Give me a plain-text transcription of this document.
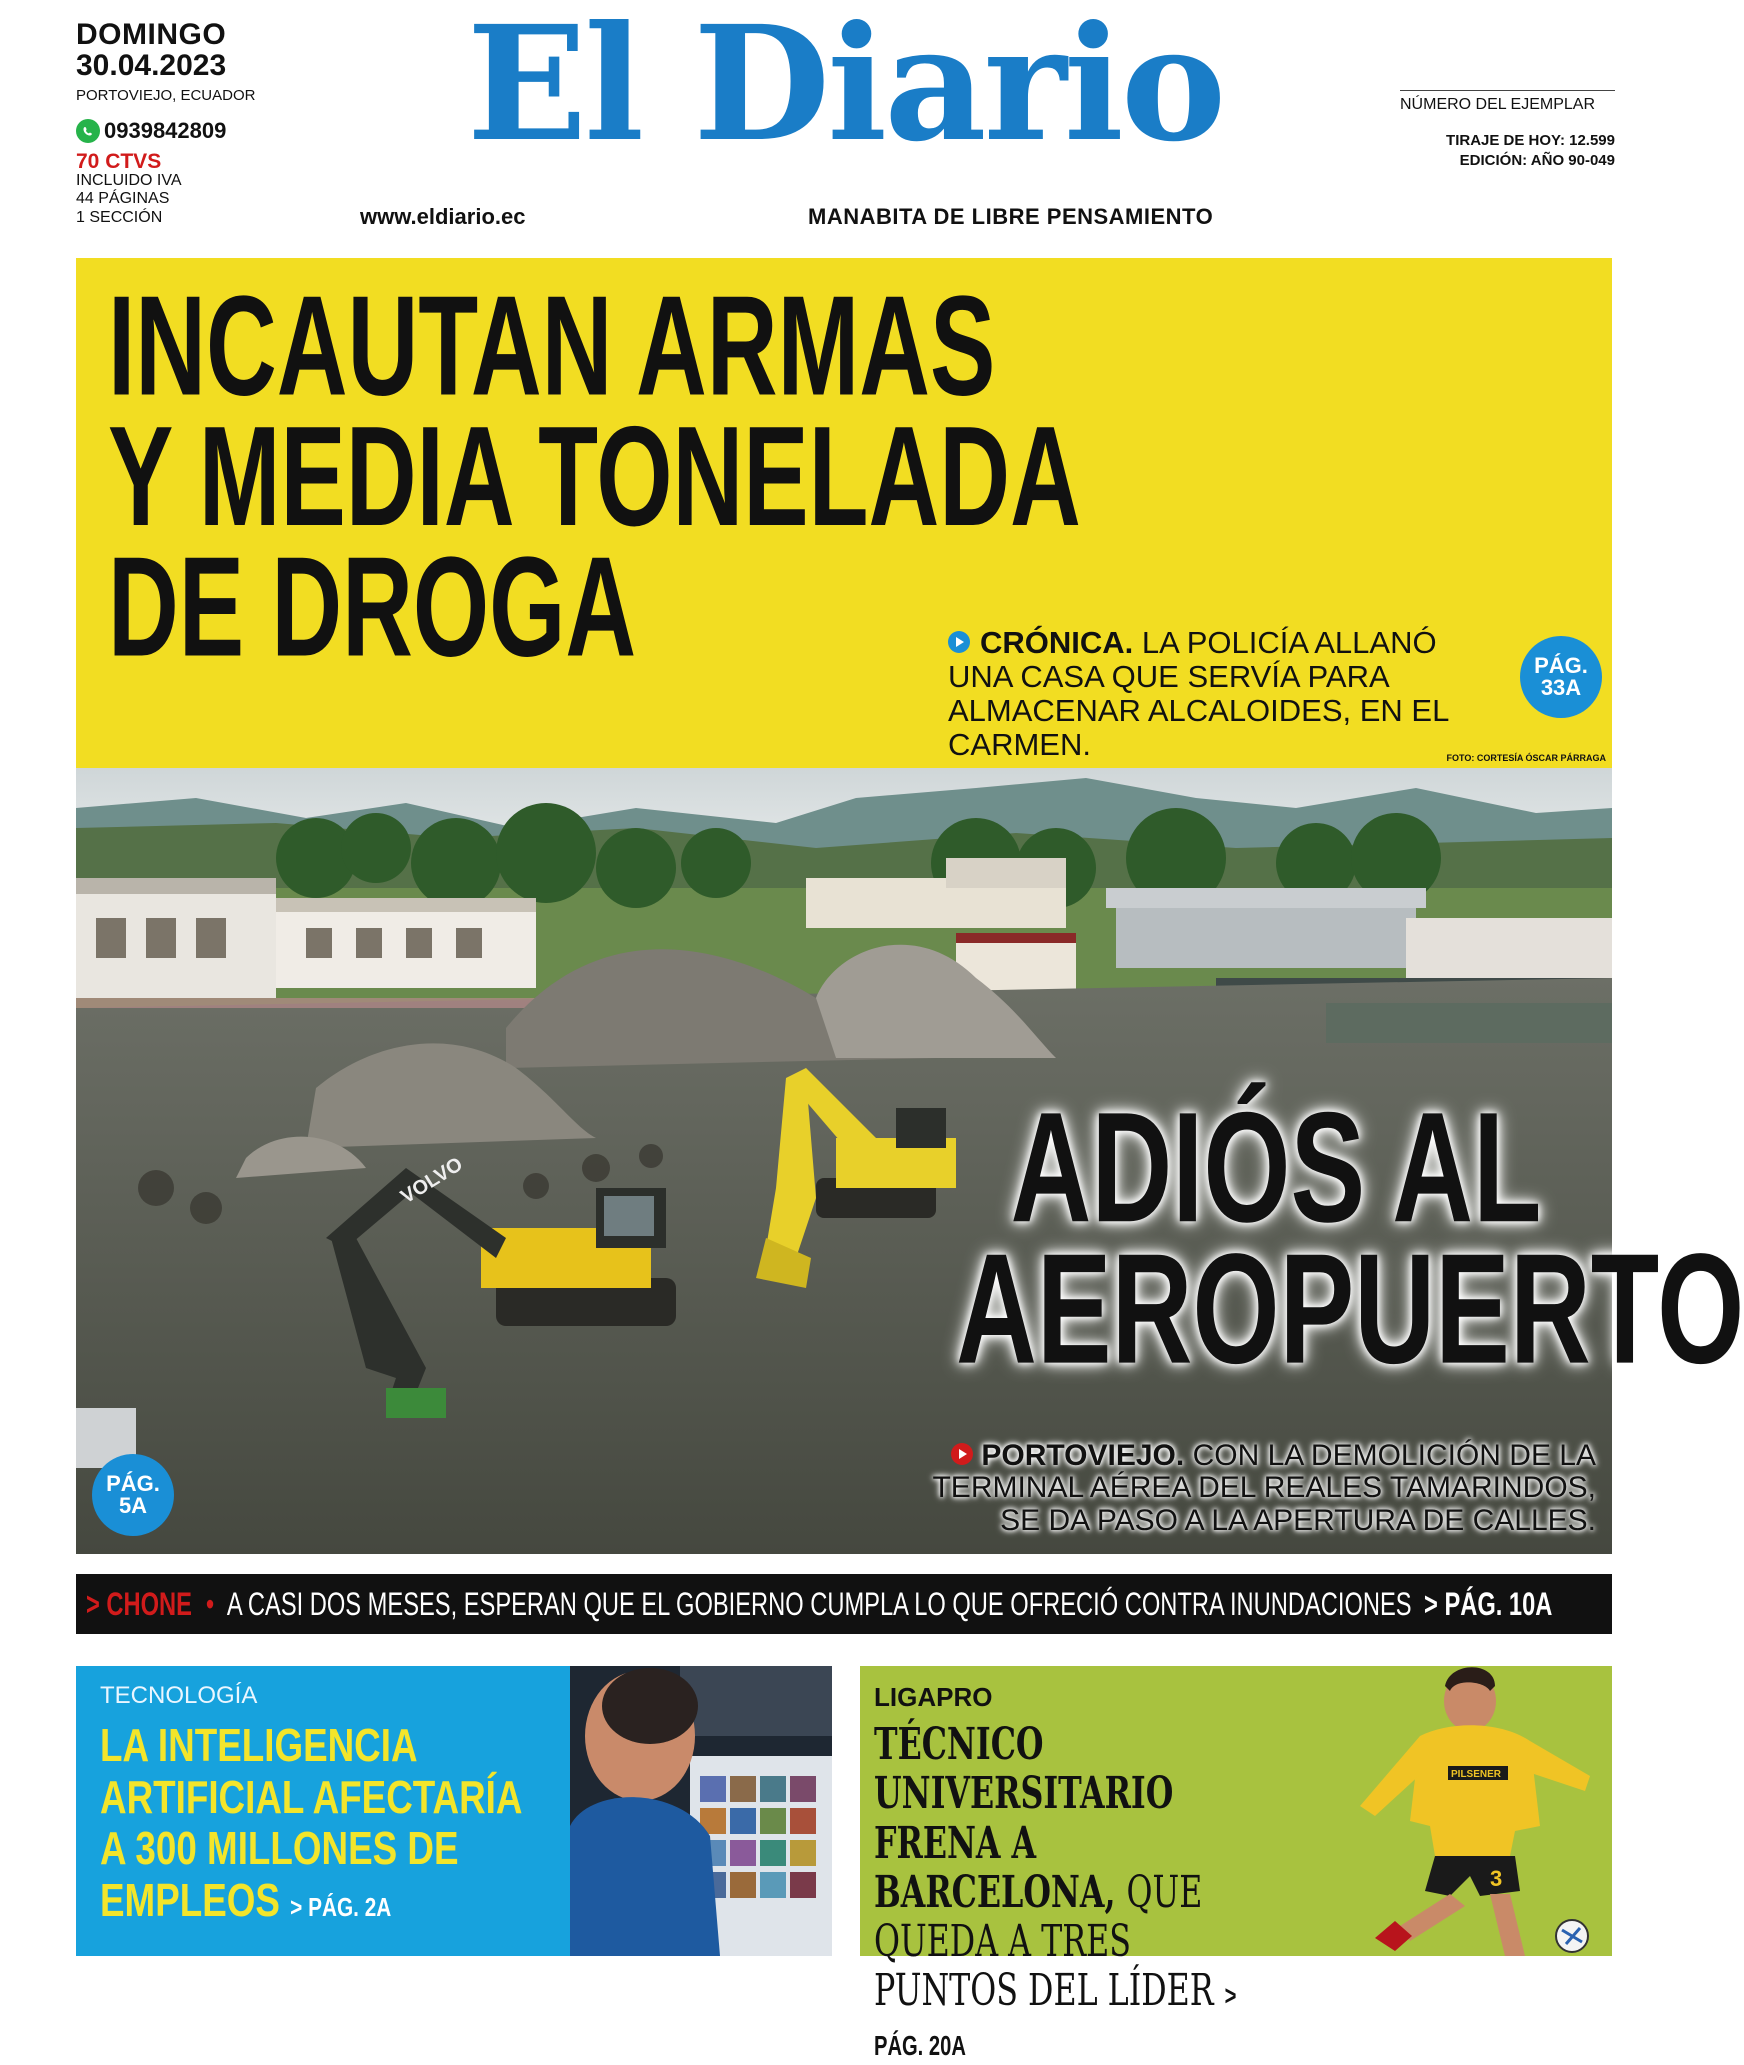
DOMINGO
30.04.2023
PORTOVIEJO, ECUADOR
0939842809
70 CTVS
INCLUIDO IVA
44 PÁGINAS
1 SECCIÓN
El Diario
www.eldiario.ec	MANABITA DE LIBRE PENSAMIENTO
NÚMERO DEL EJEMPLAR
TIRAJE DE HOY: 12.599
EDICIÓN: AÑO 90-049
INCAUTAN ARMAS
Y MEDIA TONELADA
DE DROGA	CRÓNICA. LA POLICÍA ALLANÓ UNA CASA QUE SERVÍA PARA ALMACENAR ALCALOIDES, EN EL CARMEN.
PÁG.
33A
FOTO: CORTESÍA ÓSCAR PÁRRAGA
VOLVO	ADIÓS AL
AEROPUERTO
PORTOVIEJO. CON LA DEMOLICIÓN DE LA TERMINAL AÉREA DEL REALES TAMARINDOS, SE DA PASO A LA APERTURA DE CALLES.
PÁG.
5A
> CHONE • A CASI DOS MESES, ESPERAN QUE EL GOBIERNO CUMPLA LO QUE OFRECIÓ CONTRA INUNDACIONES > PÁG. 10A
TECNOLOGÍA
LA INTELIGENCIA ARTIFICIAL AFECTARÍA A 300 MILLONES DE EMPLEOS > PÁG. 2A
LIGAPRO
TÉCNICO UNIVERSITARIO FRENA A BARCELONA, QUE QUEDA A TRES PUNTOS DEL LÍDER > PÁG. 20A
PILSENER
3
